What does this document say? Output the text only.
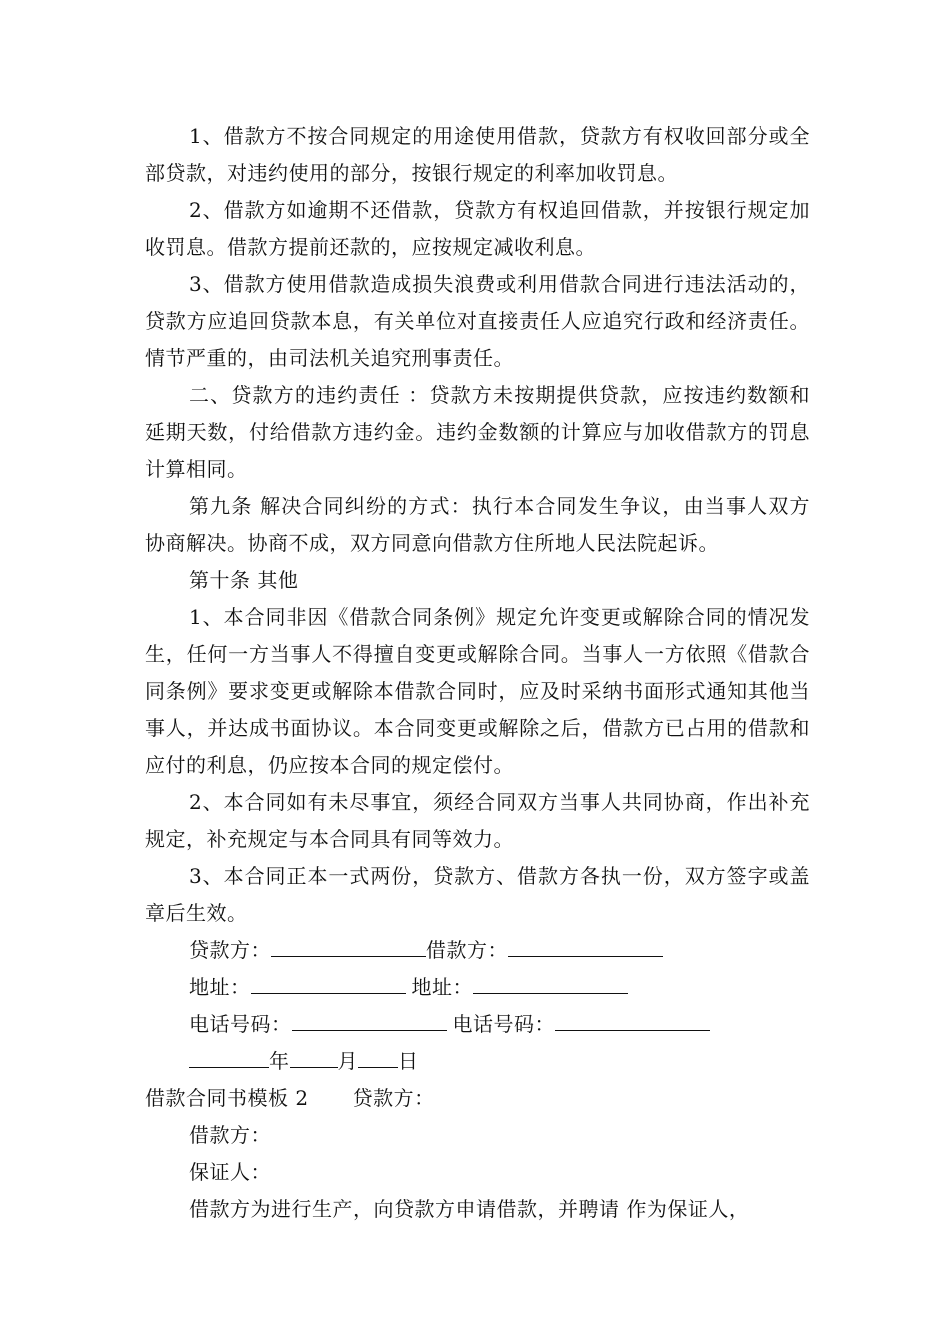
1、借款方不按合同规定的用途使用借款，贷款方有权收回部分或全部贷款，对违约使用的部分，按银行规定的利率加收罚息。

2、借款方如逾期不还借款，贷款方有权追回借款，并按银行规定加收罚息。借款方提前还款的，应按规定减收利息。

3、借款方使用借款造成损失浪费或利用借款合同进行违法活动的，贷款方应追回贷款本息，有关单位对直接责任人应追究行政和经济责任。情节严重的，由司法机关追究刑事责任。

二、贷款方的违约责任 ：贷款方未按期提供贷款，应按违约数额和延期天数，付给借款方违约金。违约金数额的计算应与加收借款方的罚息计算相同。

第九条 解决合同纠纷的方式：执行本合同发生争议，由当事人双方协商解决。协商不成，双方同意向借款方住所地人民法院起诉。

第十条 其他

1、本合同非因《借款合同条例》规定允许变更或解除合同的情况发生，任何一方当事人不得擅自变更或解除合同。当事人一方依照《借款合同条例》要求变更或解除本借款合同时，应及时采纳书面形式通知其他当事人，并达成书面协议。本合同变更或解除之后，借款方已占用的借款和应付的利息，仍应按本合同的规定偿付。

2、本合同如有未尽事宜，须经合同双方当事人共同协商，作出补充规定，补充规定与本合同具有同等效力。

3、本合同正本一式两份，贷款方、借款方各执一份，双方签字或盖章后生效。

贷款方：	借款方：
地址：	地址：
电话号码：	电话号码：
年 月 日
借款合同书模板 2 贷款方：
借款方：
保证人：

借款方为进行生产，向贷款方申请借款，并聘请 作为保证人，
